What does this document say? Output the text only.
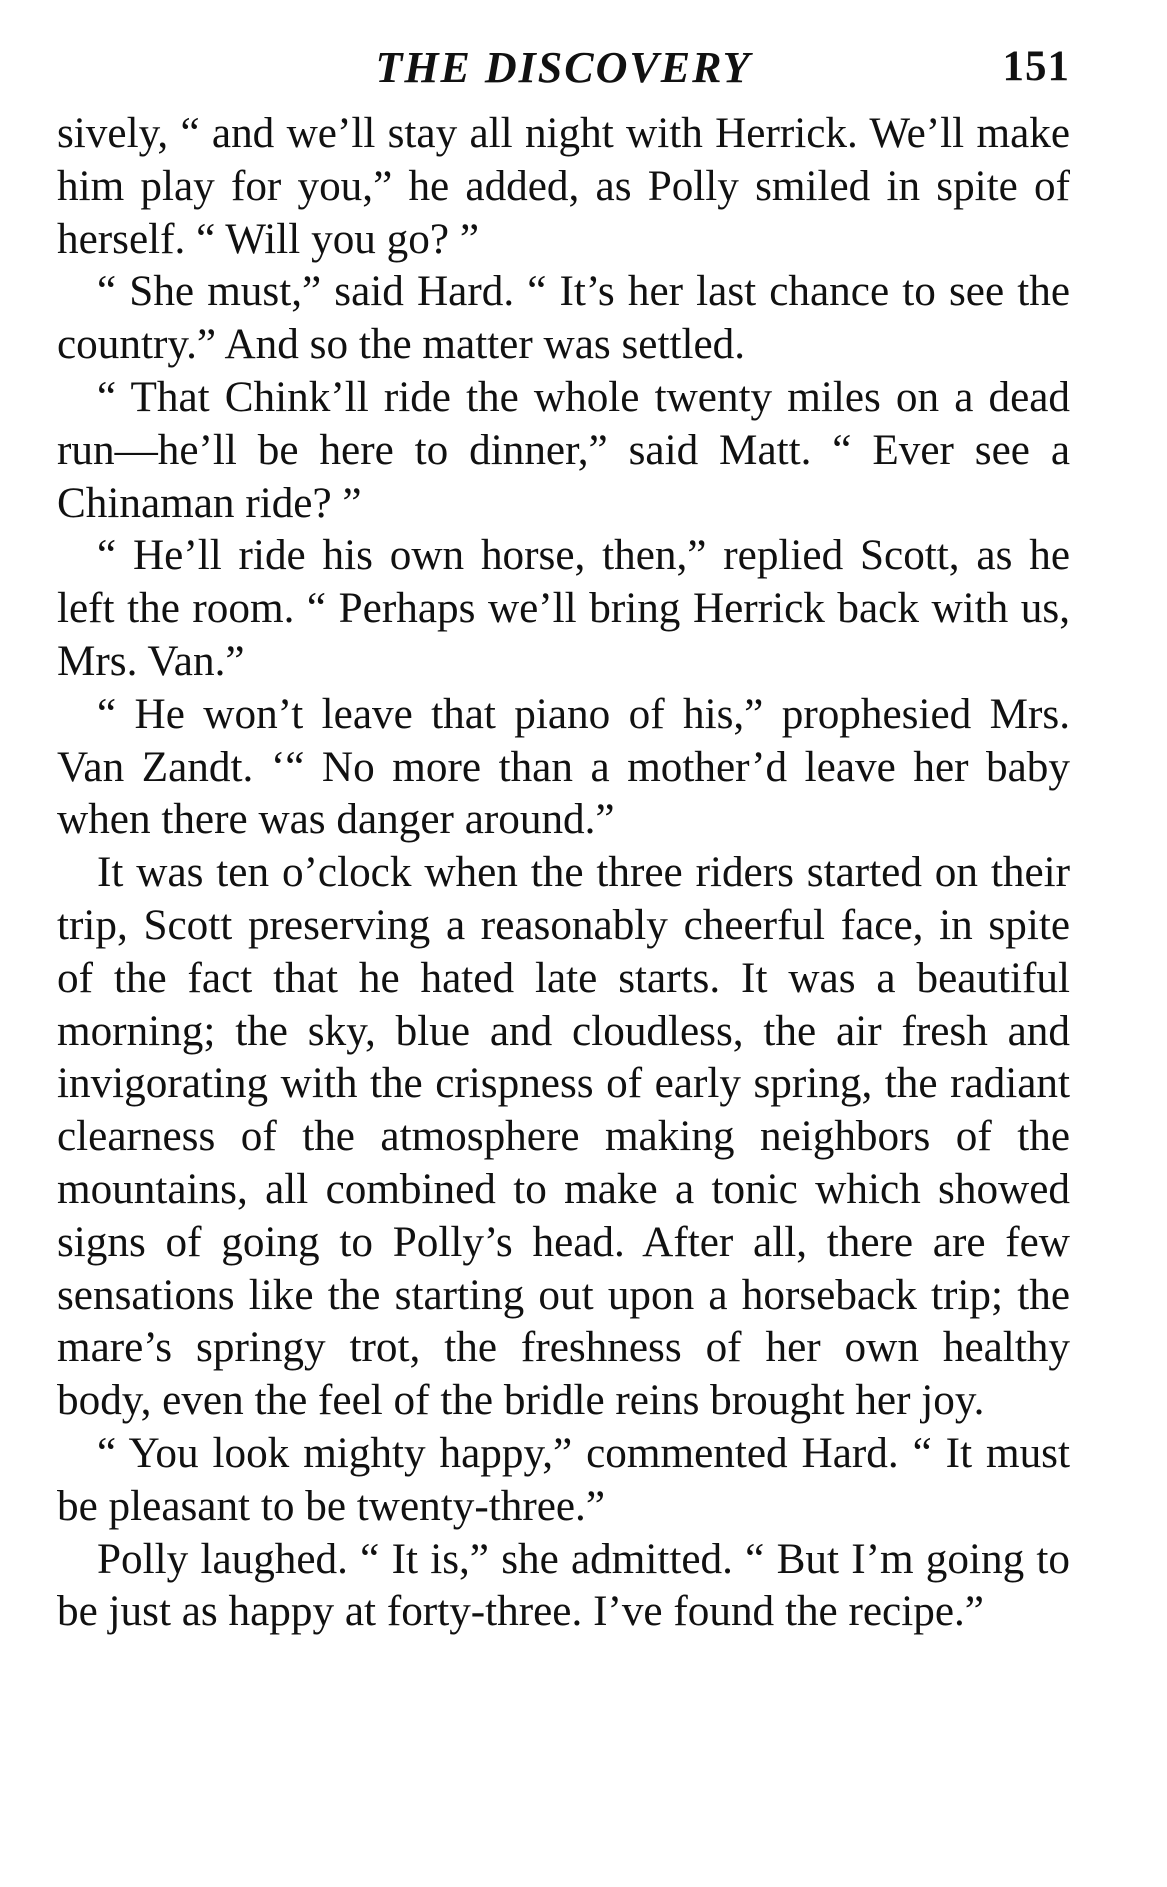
THE DISCOVERY	151

sively, “ and we’ll stay all night with Herrick. We’ll make him play for you,” he added, as Polly smiled in spite of herself. “ Will you go? ”

“ She must,” said Hard. “ It’s her last chance to see the country.” And so the matter was settled.

“ That Chink’ll ride the whole twenty miles on a dead run—he’ll be here to dinner,” said Matt. “ Ever see a Chinaman ride? ”

“ He’ll ride his own horse, then,” replied Scott, as he left the room. “ Perhaps we’ll bring Herrick back with us, Mrs. Van.”

“ He won’t leave that piano of his,” prophesied Mrs. Van Zandt. ‘“ No more than a mother’d leave her baby when there was danger around.”

It was ten o’clock when the three riders started on their trip, Scott preserving a reasonably cheerful face, in spite of the fact that he hated late starts. It was a beautiful morning; the sky, blue and cloudless, the air fresh and invigorating with the crispness of early spring, the radiant clearness of the atmosphere making neighbors of the mountains, all combined to make a tonic which showed signs of going to Polly’s head. After all, there are few sensations like the starting out upon a horseback trip; the mare’s springy trot, the freshness of her own healthy body, even the feel of the bridle reins brought her joy.

“ You look mighty happy,” commented Hard. “ It must be pleasant to be twenty-three.”

Polly laughed. “ It is,” she admitted. “ But I’m going to be just as happy at forty-three. I’ve found the recipe.”
